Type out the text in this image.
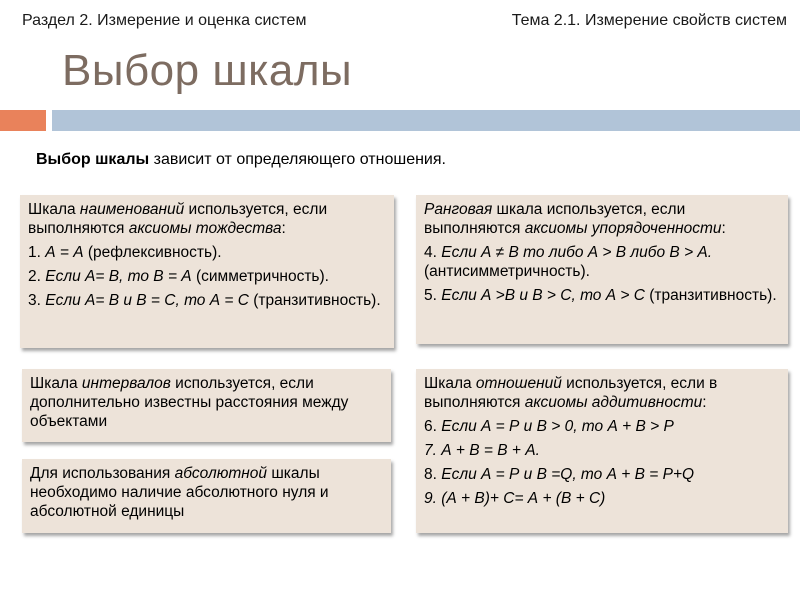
Раздел 2. Измерение и оценка систем	Тема 2.1. Измерение свойств систем
Выбор шкалы
Выбор шкалы зависит от определяющего отношения.

Шкала наименований используется, если выполняются аксиомы тождества:

1. А = А (рефлексивность).

2. Если А= В, то В = А (симметричность).

3. Если А= В и В = С, то А = С (транзитивность).

Ранговая шкала используется, если выполняются аксиомы упорядоченности:

4. Если А ≠ В то либо А > В либо В > А. (антисимметричность).

5. Если А >В и В > С, то А > С (транзитивность).

Шкала интервалов используется, если дополнительно известны расстояния между объектами

Шкала отношений используется, если в выполняются аксиомы аддитивности:

6. Если А = Р и В > 0, то А + В > Р

7. А + В = В + А.

8. Если А = Р и В =Q, то А + В = Р+Q

9. (А + В)+ С= А + (В + С)

Для использования абсолютной шкалы необходимо наличие абсолютного нуля и абсолютной единицы
